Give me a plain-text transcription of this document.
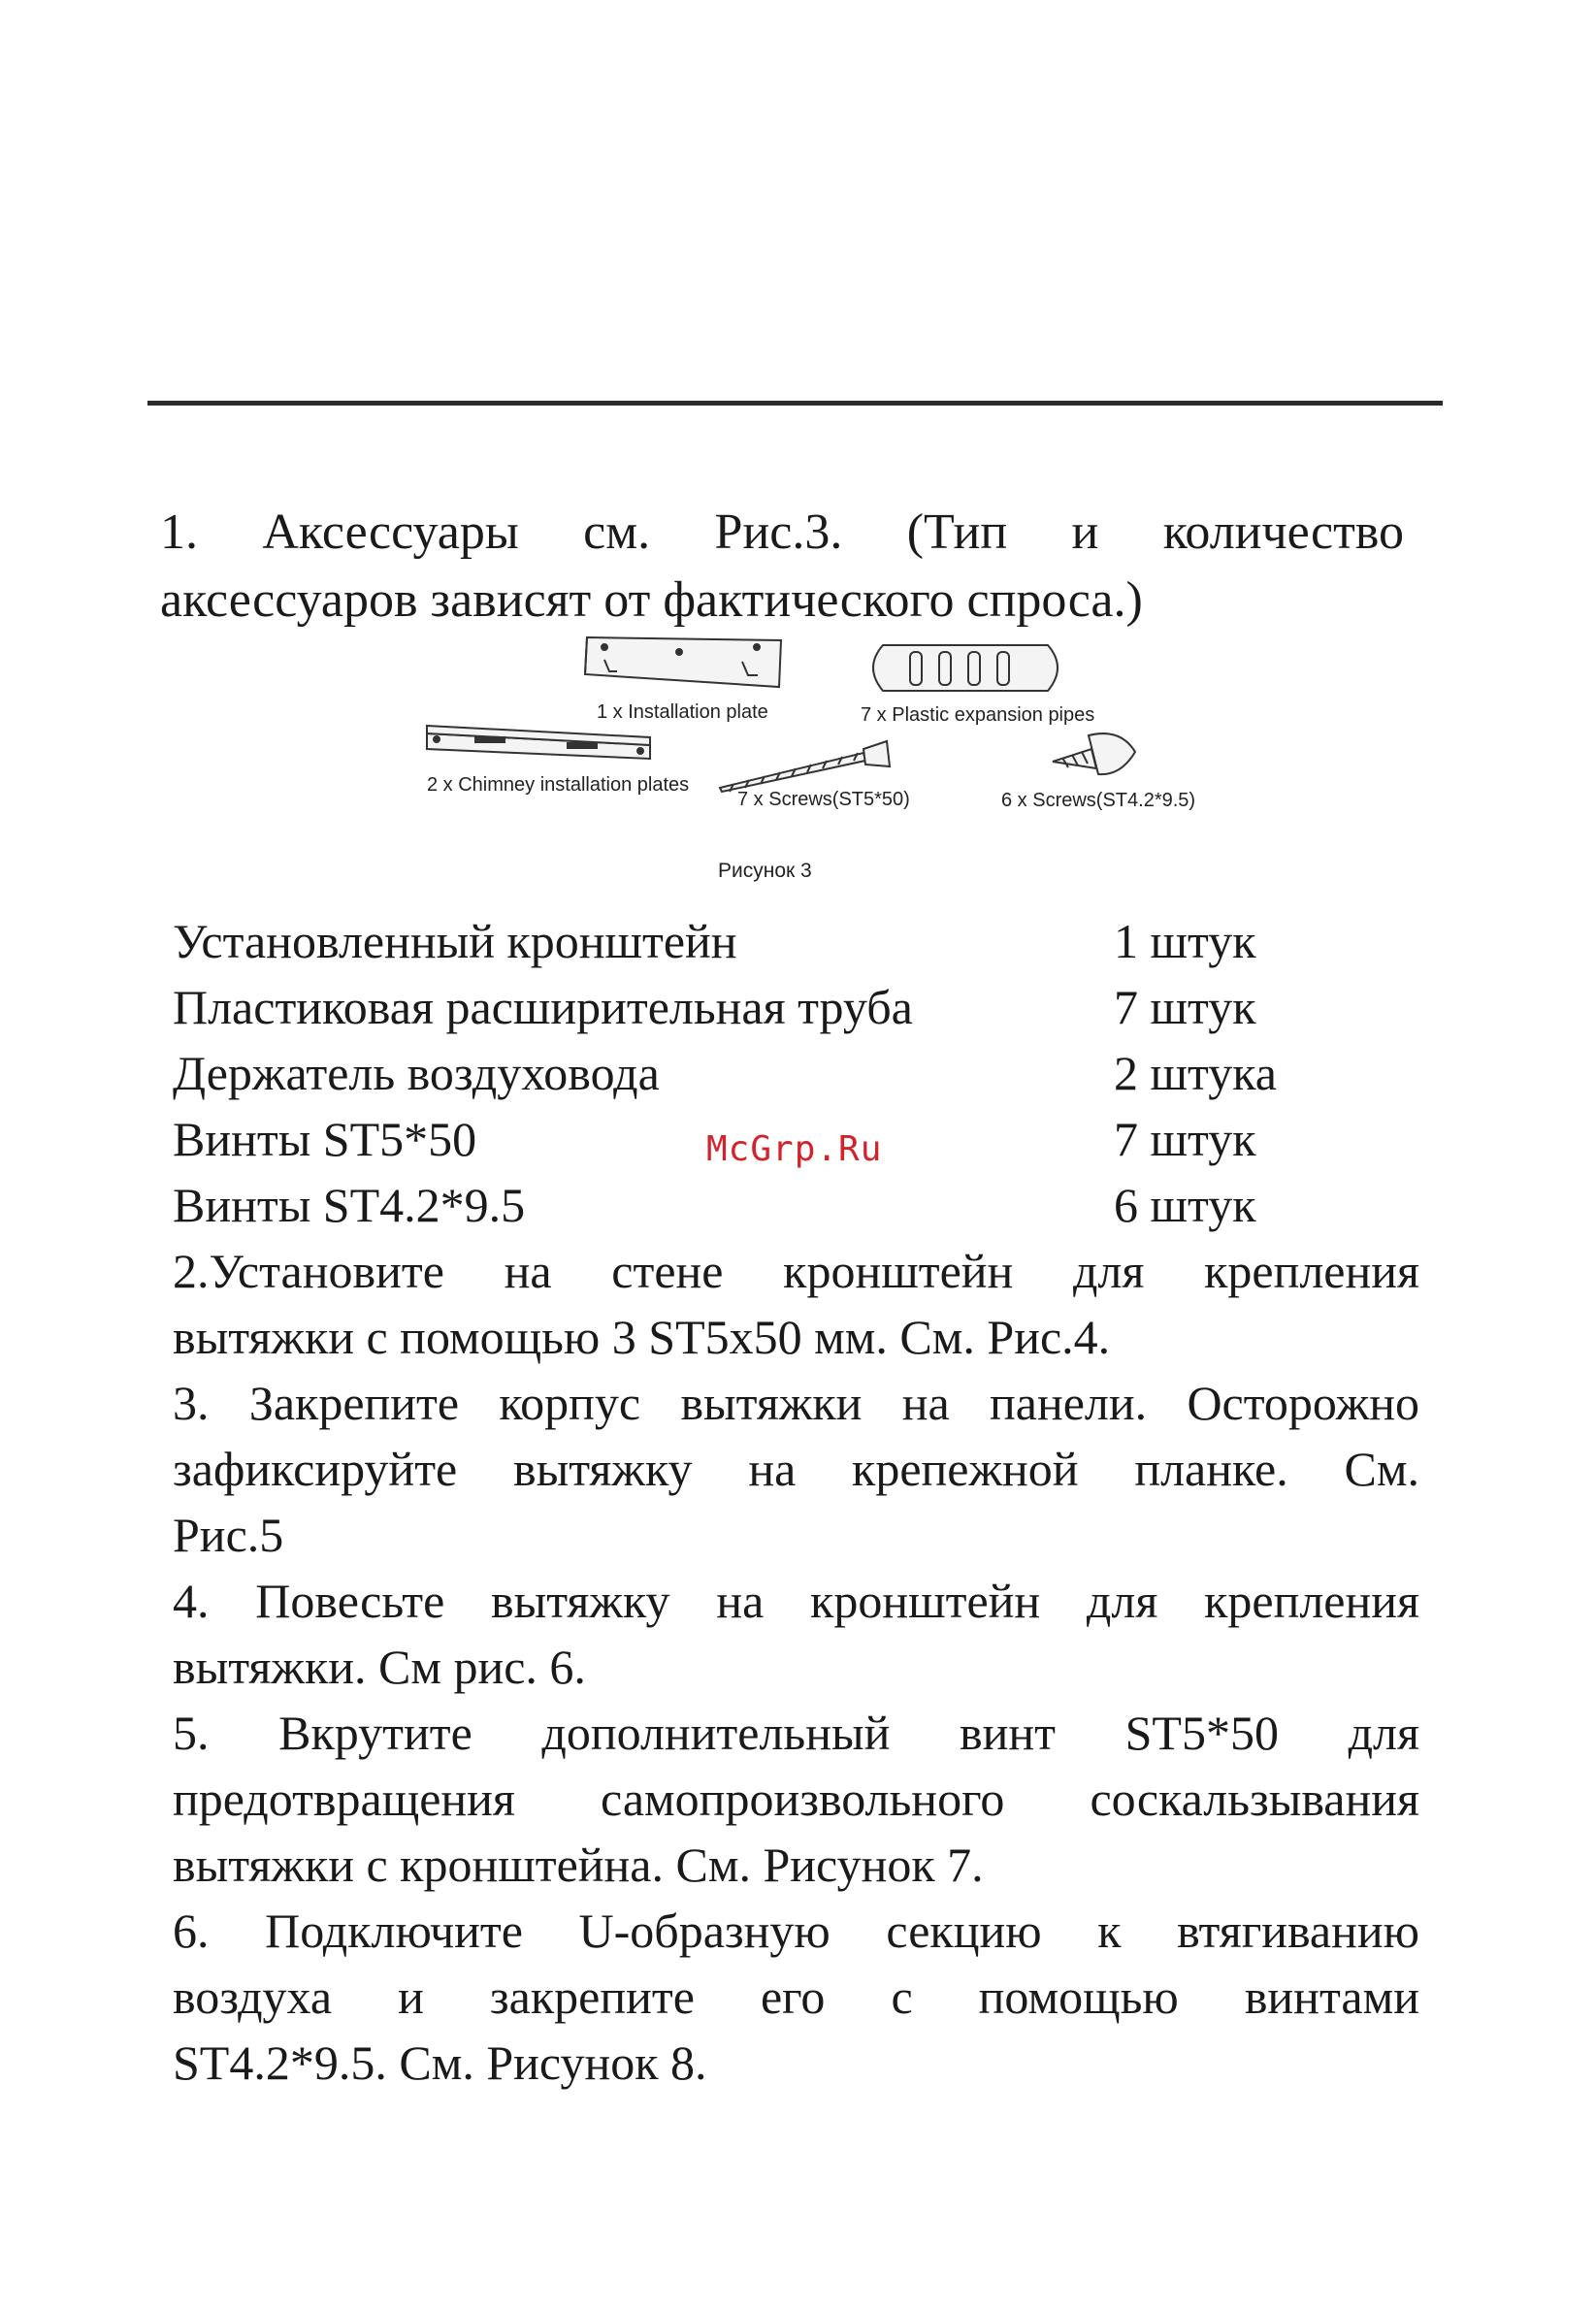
1. Аксессуары см. Рис.3. (Тип и количество
аксессуаров зависят от фактического спроса.)
1 x Installation plate	7 x Plastic expansion pipes
2 x Chimney installation plates
7 x Screws(ST5*50)	6 x Screws(ST4.2*9.5)
Рисунок 3
Установленный кронштейн	1 штук
Пластиковая расширительная труба	7 штук
Держатель воздуховода	2 штука
Винты ST5*50	7 штук
Винты ST4.2*9.5	6 штук
McGrp.Ru
2.Установите на стене кронштейн для крепления
вытяжки с помощью 3 ST5x50 мм. См. Рис.4.
3. Закрепите корпус вытяжки на панели. Осторожно
зафиксируйте вытяжку на крепежной планке. См.
Рис.5
4. Повесьте вытяжку на кронштейн для крепления
вытяжки. См рис. 6.
5. Вкрутите дополнительный винт ST5*50 для
предотвращения самопроизвольного соскальзывания
вытяжки с кронштейна. См. Рисунок 7.
6. Подключите U-образную секцию к втягиванию
воздуха и закрепите его с помощью винтами
ST4.2*9.5. См. Рисунок 8.
